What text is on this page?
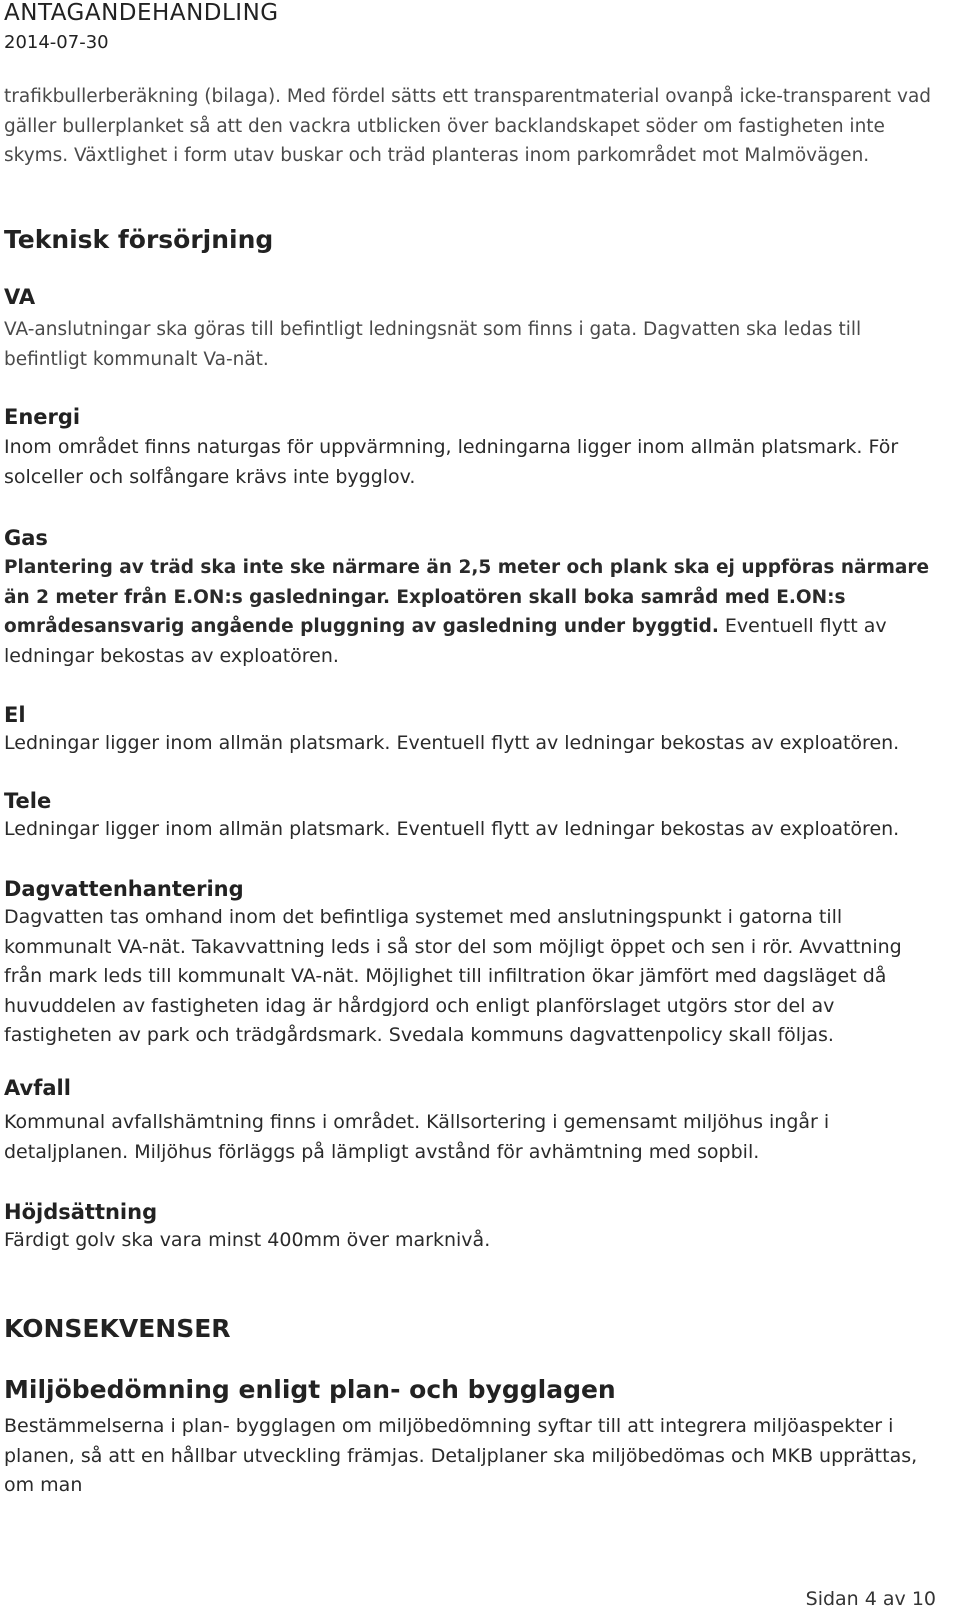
ANTAGANDEHANDLING
2014-07-30

trafikbullerberäkning (bilaga). Med fördel sätts ett transparentmaterial ovanpå icke-transparent vad gäller bullerplanket så att den vackra utblicken över backlandskapet söder om fastigheten inte skyms. Växtlighet i form utav buskar och träd planteras inom parkområdet mot Malmövägen.

Teknisk försörjning
VA

VA-anslutningar ska göras till befintligt ledningsnät som finns i gata. Dagvatten ska ledas till befintligt kommunalt Va-nät.

Energi

Inom området finns naturgas för uppvärmning, ledningarna ligger inom allmän platsmark. För solceller och solfångare krävs inte bygglov.

Gas

Plantering av träd ska inte ske närmare än 2,5 meter och plank ska ej uppföras närmare än 2 meter från E.ON:s gasledningar. Exploatören skall boka samråd med E.ON:s områdesansvarig angående pluggning av gasledning under byggtid. Eventuell flytt av ledningar bekostas av exploatören.

El

Ledningar ligger inom allmän platsmark. Eventuell flytt av ledningar bekostas av exploatören.

Tele

Ledningar ligger inom allmän platsmark. Eventuell flytt av ledningar bekostas av exploatören.

Dagvattenhantering

Dagvatten tas omhand inom det befintliga systemet med anslutningspunkt i gatorna till kommunalt VA-nät. Takavvattning leds i så stor del som möjligt öppet och sen i rör. Avvattning från mark leds till kommunalt VA-nät. Möjlighet till infiltration ökar jämfört med dagsläget då huvuddelen av fastigheten idag är hårdgjord och enligt planförslaget utgörs stor del av fastigheten av park och trädgårdsmark. Svedala kommuns dagvattenpolicy skall följas.

Avfall

Kommunal avfallshämtning finns i området. Källsortering i gemensamt miljöhus ingår i detaljplanen. Miljöhus förläggs på lämpligt avstånd för avhämtning med sopbil.

Höjdsättning

Färdigt golv ska vara minst 400mm över marknivå.

KONSEKVENSER
Miljöbedömning enligt plan- och bygglagen

Bestämmelserna i plan- bygglagen om miljöbedömning syftar till att integrera miljöaspekter i planen, så att en hållbar utveckling främjas. Detaljplaner ska miljöbedömas och MKB upprättas, om man

Sidan 4 av 10
